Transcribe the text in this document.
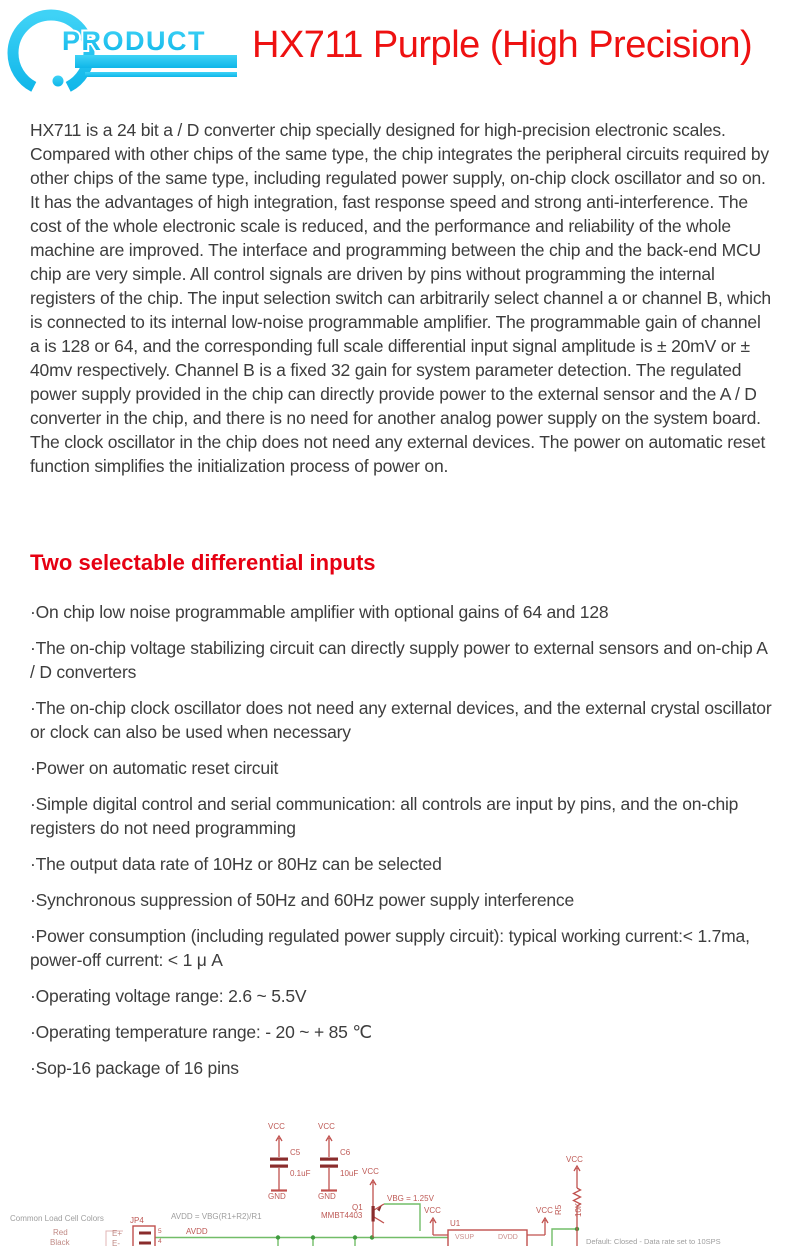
PRODUCT HX711 Purple (High Precision)

HX711 is a 24 bit a / D converter chip specially designed for high-precision electronic scales. Compared with other chips of the same type, the chip integrates the peripheral circuits required by other chips of the same type, including regulated power supply, on-chip clock oscillator and so on. It has the advantages of high integration, fast response speed and strong anti-interference. The cost of the whole electronic scale is reduced, and the performance and reliability of the whole machine are improved. The interface and programming between the chip and the back-end MCU chip are very simple. All control signals are driven by pins without programming the internal registers of the chip. The input selection switch can arbitrarily select channel a or channel B, which is connected to its internal low-noise programmable amplifier. The programmable gain of channel a is 128 or 64, and the corresponding full scale differential input signal amplitude is ± 20mV or ± 40mv respectively. Channel B is a fixed 32 gain for system parameter detection. The regulated power supply provided in the chip can directly provide power to the external sensor and the A / D converter in the chip, and there is no need for another analog power supply on the system board. The clock oscillator in the chip does not need any external devices. The power on automatic reset function simplifies the initialization process of power on.

Two selectable differential inputs

·On chip low noise programmable amplifier with optional gains of 64 and 128

·The on-chip voltage stabilizing circuit can directly supply power to external sensors and on-chip A / D converters

·The on-chip clock oscillator does not need any external devices, and the external crystal oscillator or clock can also be used when necessary

·Power on automatic reset circuit

·Simple digital control and serial communication: all controls are input by pins, and the on-chip registers do not need programming

·The output data rate of 10Hz or 80Hz can be selected

·Synchronous suppression of 50Hz and 60Hz power supply interference

·Power consumption (including regulated power supply circuit): typical working current:< 1.7ma, power-off current: < 1 μ A

·Operating voltage range: 2.6 ~ 5.5V

·Operating temperature range: - 20 ~ + 85 ℃

·Sop-16 package of 16 pins

VCC	VCC
VCC
VCC	VCC
VCC
GND	GND
C5
0.1uF
C6
10uF
VBG = 1.25V
Q1
MMBT4403
AVDD = VBG(R1+R2)/R1
AVDD
U1
VSUP	DVDD
R5 10K
Default: Closed - Data rate set to 10SPS
Common Load Cell Colors
Red
Black
E+
E-
JP4
5
4
